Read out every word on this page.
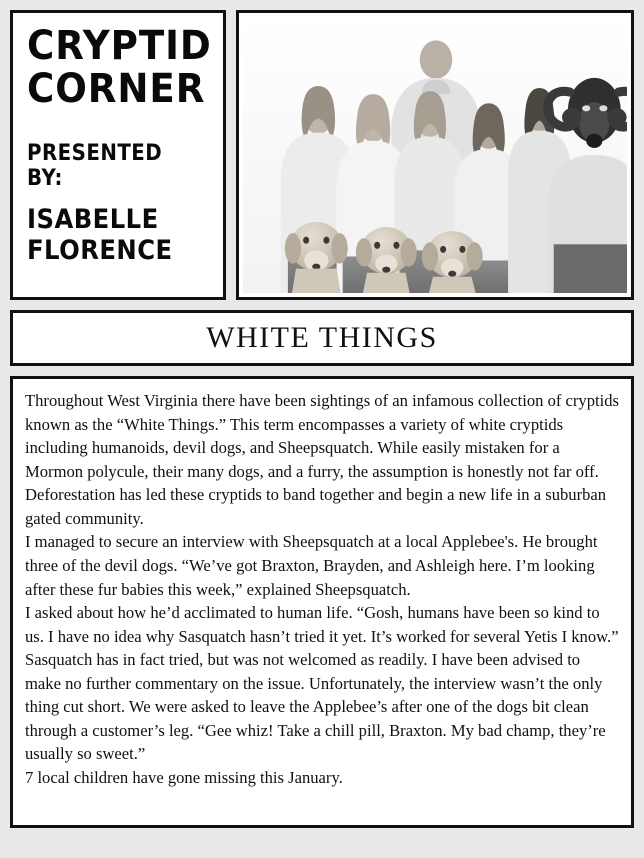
CRYPTID
CORNER
PRESENTED BY:
ISABELLE
FLORENCE
WHITE THINGS

Throughout West Virginia there have been sightings of an infamous collection of cryptids known as the “White Things.” This term encompasses a variety of white cryptids including humanoids, devil dogs, and Sheepsquatch. While easily mistaken for a Mormon polycule, their many dogs, and a furry, the assumption is honestly not far off. Deforestation has led these cryptids to band together and begin a new life in a suburban gated community.

I managed to secure an interview with Sheepsquatch at a local Applebee's. He brought three of the devil dogs. “We’ve got Braxton, Brayden, and Ashleigh here. I’m looking after these fur babies this week,” explained Sheepsquatch.

I asked about how he’d acclimated to human life. “Gosh, humans have been so kind to us. I have no idea why Sasquatch hasn’t tried it yet. It’s worked for several Yetis I know.” Sasquatch has in fact tried, but was not welcomed as readily. I have been advised to make no further commentary on the issue. Unfortunately, the interview wasn’t the only thing cut short. We were asked to leave the Applebee’s after one of the dogs bit clean through a customer’s leg. “Gee whiz! Take a chill pill, Braxton. My bad champ, they’re usually so sweet.”

7 local children have gone missing this January.
